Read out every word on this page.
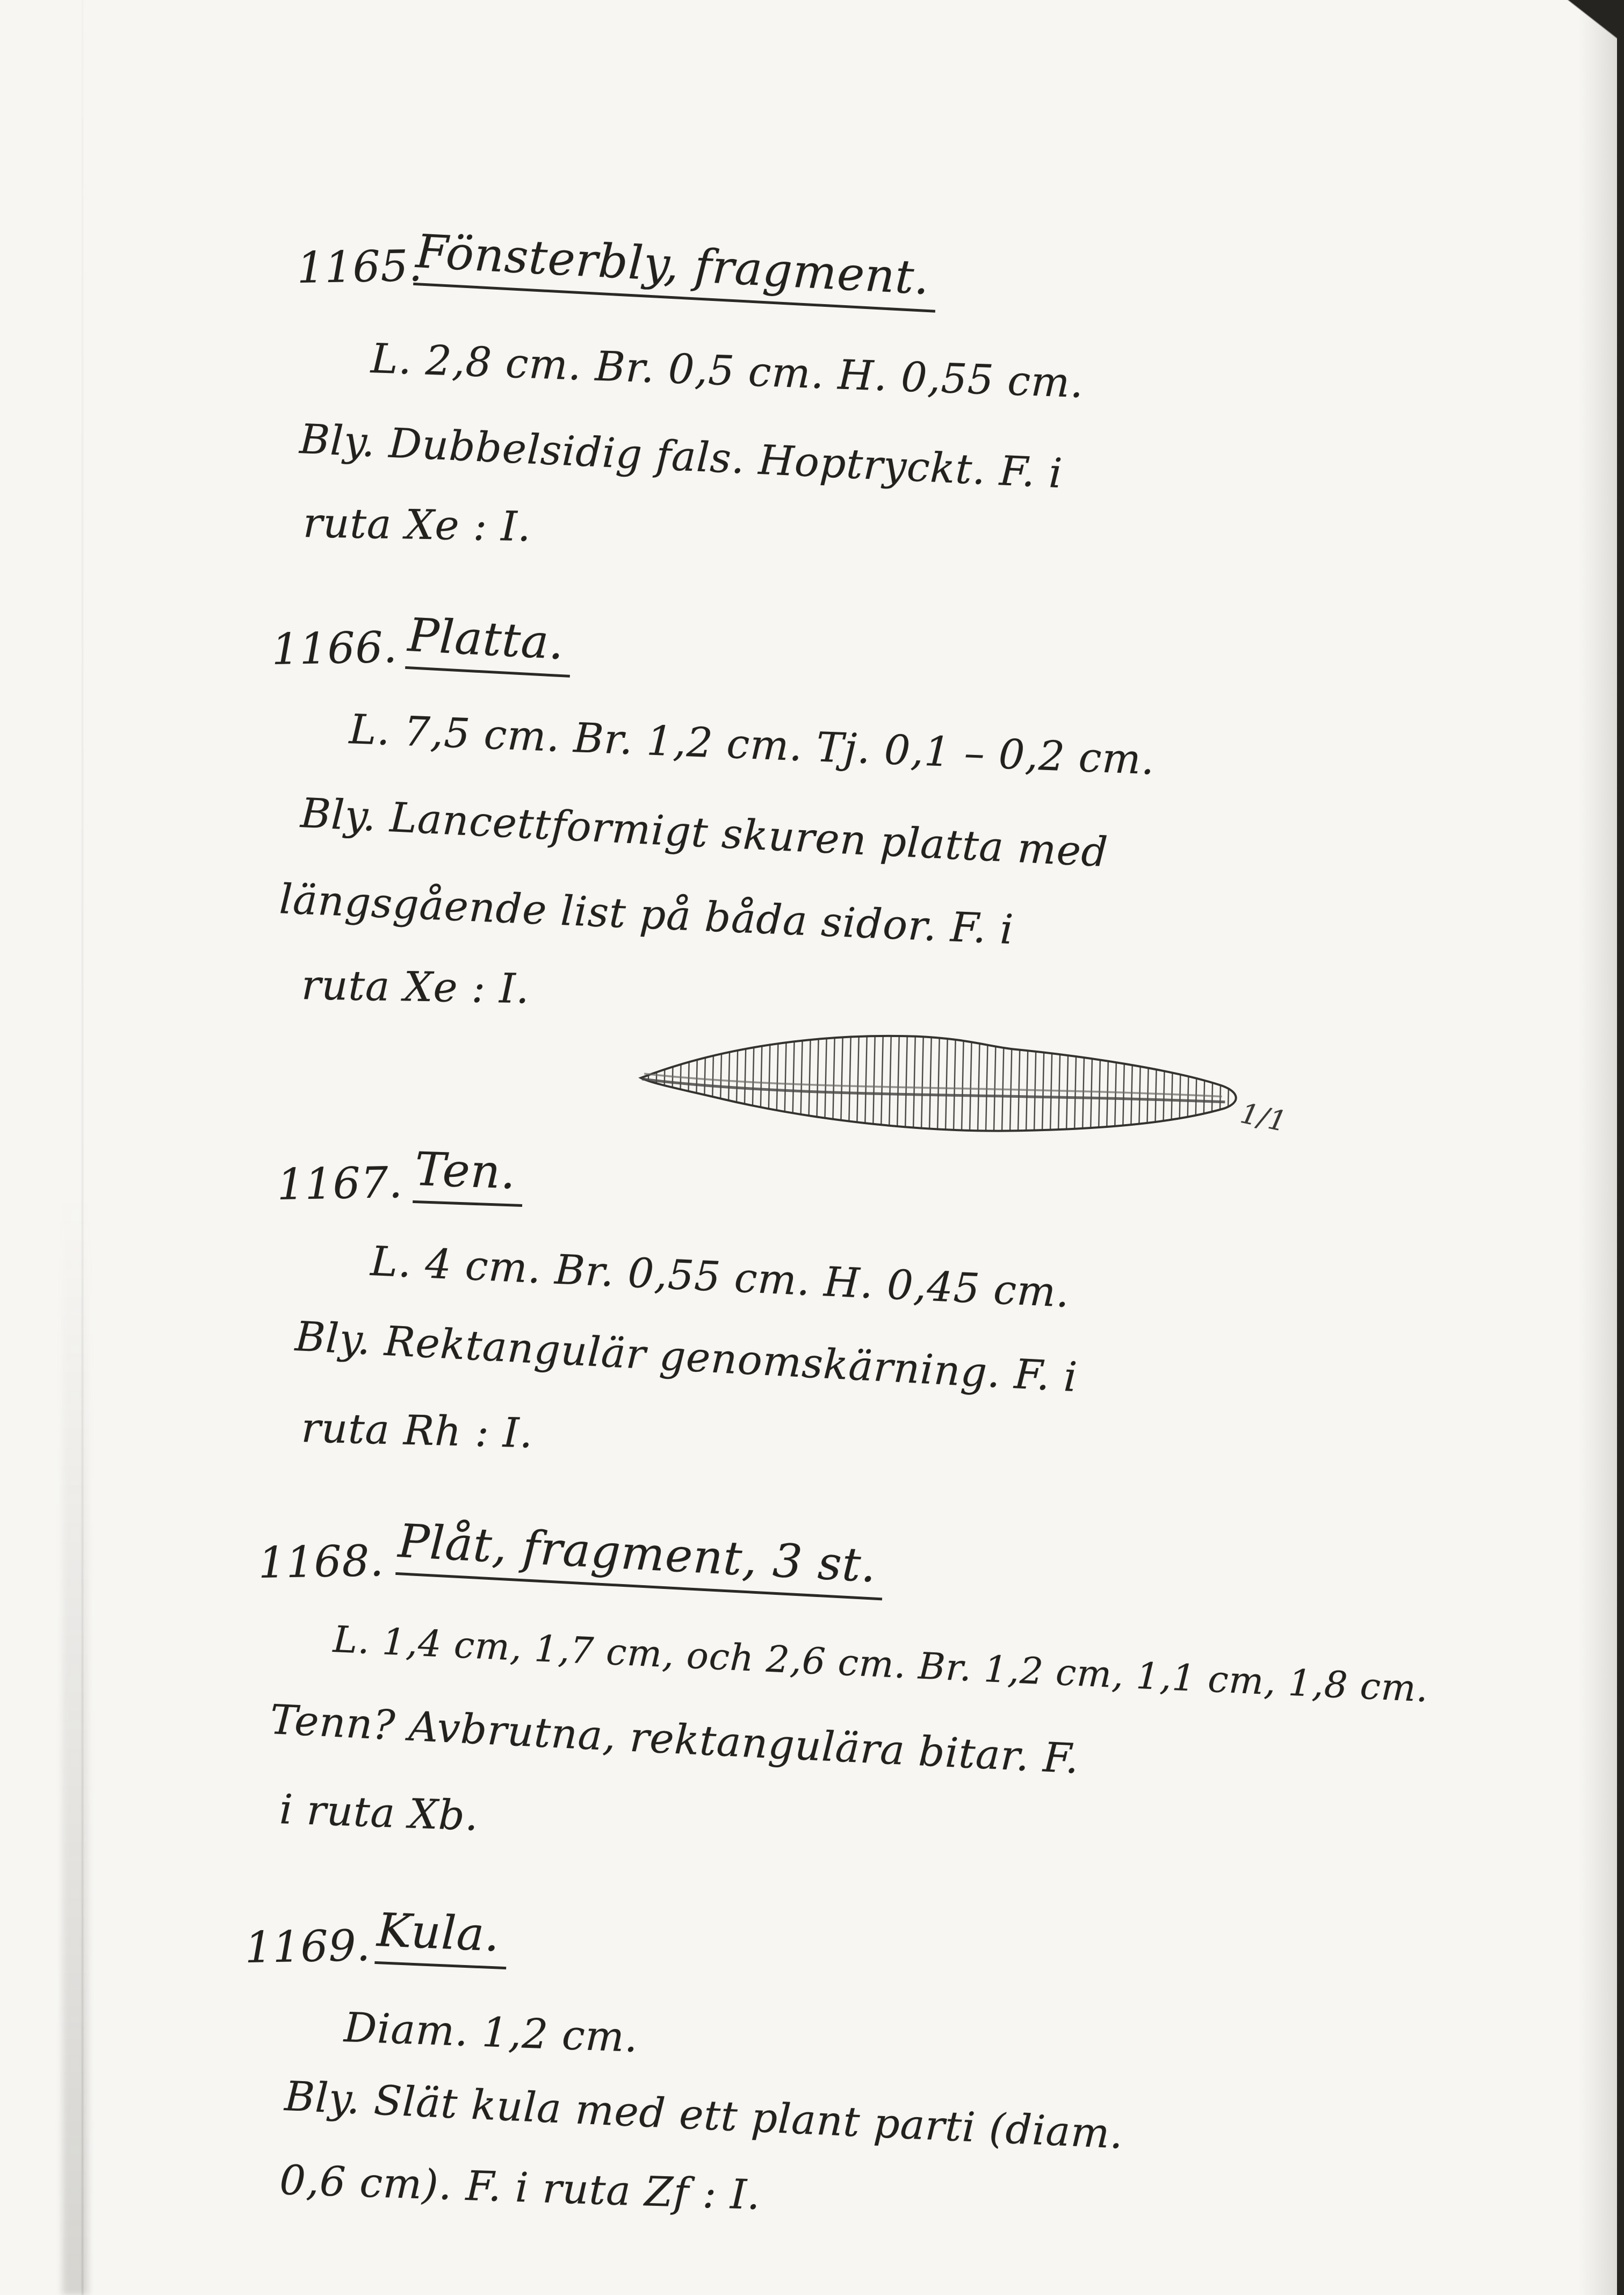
1165.
Fönsterbly, fragment.
L. 2,8 cm. Br. 0,5 cm. H. 0,55 cm.
Bly. Dubbelsidig fals. Hoptryckt. F. i
ruta Xe : I.
1166. Platta.
L. 7,5 cm. Br. 1,2 cm. Tj. 0,1 – 0,2 cm.
Bly. Lancettformigt skuren platta med
längsgående list på båda sidor. F. i
ruta Xe : I.
1/1
1167. Ten.
L. 4 cm. Br. 0,55 cm. H. 0,45 cm.
Bly. Rektangulär genomskärning. F. i
ruta Rh : I.
1168. Plåt, fragment, 3 st.
L. 1,4 cm, 1,7 cm, och 2,6 cm. Br. 1,2 cm, 1,1 cm, 1,8 cm.
Tenn? Avbrutna, rektangulära bitar. F.
i ruta Xb.
1169. Kula.
Diam. 1,2 cm.
Bly. Slät kula med ett plant parti (diam.
0,6 cm). F. i ruta Zf : I.
